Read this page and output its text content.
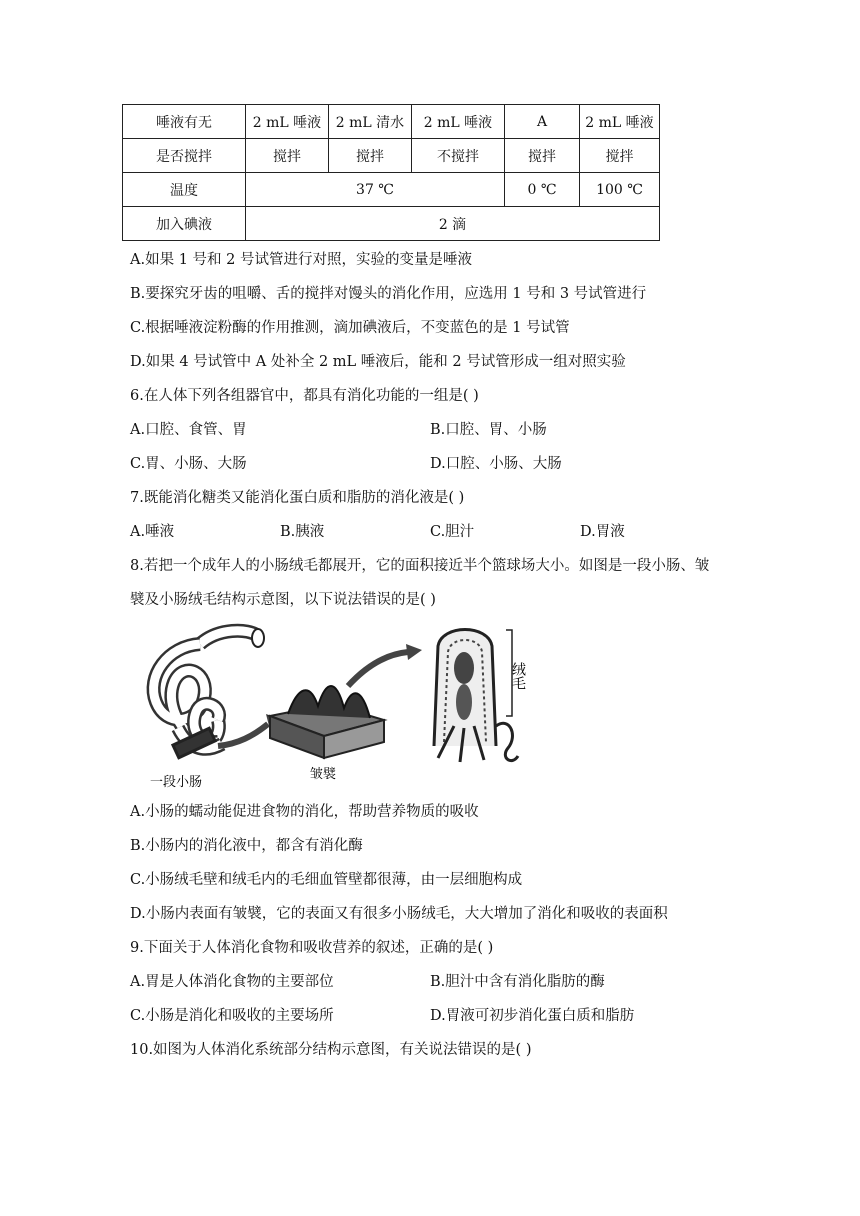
唾液有无	2 mL 唾液	2 mL 清水	2 mL 唾液	A	2 mL 唾液
是否搅拌	搅拌	搅拌	不搅拌	搅拌	搅拌
温度	37 ℃			0 ℃	100 ℃
加入碘液	2 滴				
A.如果 1 号和 2 号试管进行对照，实验的变量是唾液
B.要探究牙齿的咀嚼、舌的搅拌对馒头的消化作用，应选用 1 号和 3 号试管进行
C.根据唾液淀粉酶的作用推测，滴加碘液后，不变蓝色的是 1 号试管
D.如果 4 号试管中 A 处补全 2 mL 唾液后，能和 2 号试管形成一组对照实验
6.在人体下列各组器官中，都具有消化功能的一组是( )
A.口腔、食管、胃	B.口腔、胃、小肠
C.胃、小肠、大肠	D.口腔、小肠、大肠
7.既能消化糖类又能消化蛋白质和脂肪的消化液是( )
A.唾液	B.胰液	C.胆汁	D.胃液
8.若把一个成年人的小肠绒毛都展开，它的面积接近半个篮球场大小。如图是一段小肠、皱
襞及小肠绒毛结构示意图，以下说法错误的是( )
绒毛
皱襞
一段小肠
A.小肠的蠕动能促进食物的消化，帮助营养物质的吸收
B.小肠内的消化液中，都含有消化酶
C.小肠绒毛壁和绒毛内的毛细血管壁都很薄，由一层细胞构成
D.小肠内表面有皱襞，它的表面又有很多小肠绒毛，大大增加了消化和吸收的表面积
9.下面关于人体消化食物和吸收营养的叙述，正确的是( )
A.胃是人体消化食物的主要部位	B.胆汁中含有消化脂肪的酶
C.小肠是消化和吸收的主要场所	D.胃液可初步消化蛋白质和脂肪
10.如图为人体消化系统部分结构示意图，有关说法错误的是( )
